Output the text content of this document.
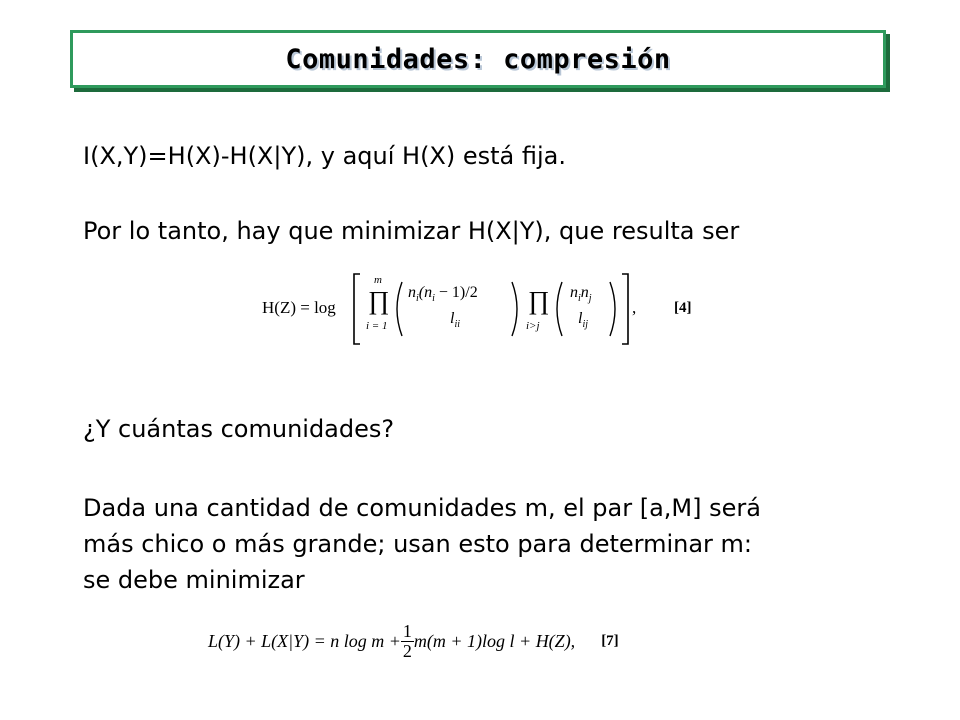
Comunidades: compresión
I(X,Y)=H(X)-H(X|Y), y aquí H(X) está fija.
Por lo tanto, hay que minimizar H(X|Y), que resulta ser
H(Z) = log ∏
m
i = 1
$n_i(n_i - 1)/2$
$l_{ii}$
∏
i>j
$n_in_j$
$l_{ij}$
,	[4]
¿Y cuántas comunidades?
Dada una cantidad de comunidades m, el par [a,M] será
más chico o más grande; usan esto para determinar m:
se debe minimizar
L(Y) + L(X|Y) = n $\log m + \frac{1}{2} m(m + 1)\log$ l + H(Z), [7]
